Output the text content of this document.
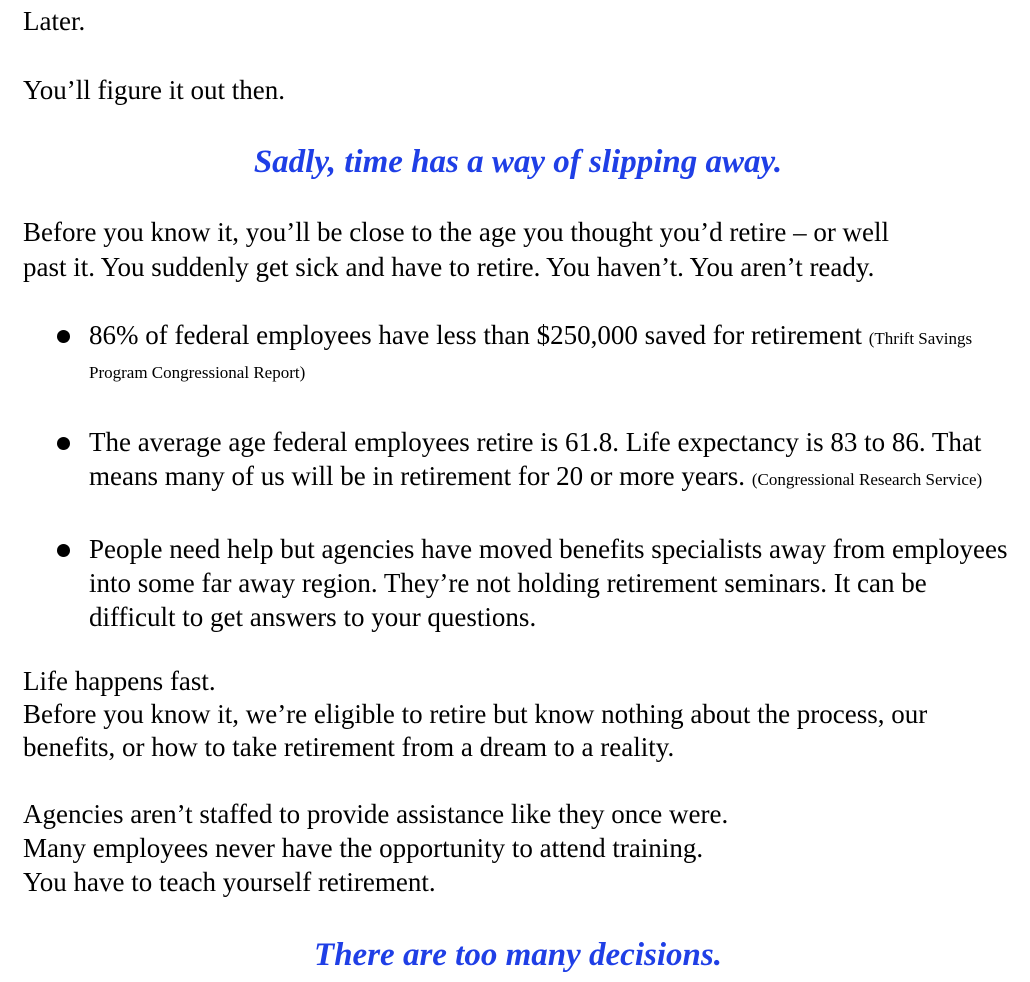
Later.

You’ll figure it out then.

Sadly, time has a way of slipping away.

Before you know it, you’ll be close to the age you thought you’d retire – or well

past it. You suddenly get sick and have to retire. You haven’t. You aren’t ready.

86% of federal employees have less than $250,000 saved for retirement (Thrift Savings Program Congressional Report)
The average age federal employees retire is 61.8. Life expectancy is 83 to 86. That means many of us will be in retirement for 20 or more years. (Congressional Research Service)
People need help but agencies have moved benefits specialists away from employees into some far away region. They’re not holding retirement seminars. It can be difficult to get answers to your questions.

Life happens fast.

Before you know it, we’re eligible to retire but know nothing about the process, our

benefits, or how to take retirement from a dream to a reality.

Agencies aren’t staffed to provide assistance like they once were.

Many employees never have the opportunity to attend training.

You have to teach yourself retirement.

There are too many decisions.
